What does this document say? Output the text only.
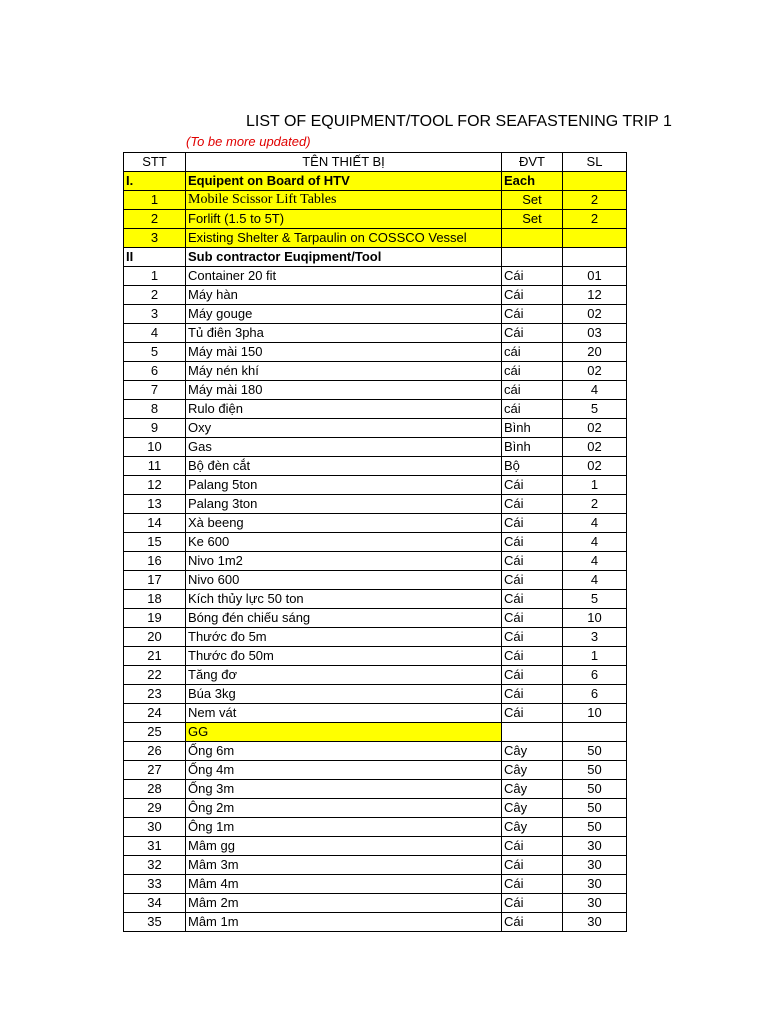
LIST OF EQUIPMENT/TOOL FOR SEAFASTENING TRIP 1
(To be more updated)
STT	TÊN THIẾT BỊ	ĐVT	SL
I.	Equipent on Board of HTV	Each	
1	Mobile Scissor Lift Tables	Set	2
2	Forlift (1.5 to 5T)	Set	2
3	Existing Shelter & Tarpaulin on COSSCO Vessel		
II	Sub contractor Euqipment/Tool		
1	Container 20 fit	Cái	01
2	Máy hàn	Cái	12
3	Máy gouge	Cái	02
4	Tủ điên 3pha	Cái	03
5	Máy mài 150	cái	20
6	Máy nén khí	cái	02
7	Máy mài 180	cái	4
8	Rulo điện	cái	5
9	Oxy	Bình	02
10	Gas	Bình	02
11	Bộ đèn cắt	Bộ	02
12	Palang 5ton	Cái	1
13	Palang 3ton	Cái	2
14	Xà beeng	Cái	4
15	Ke 600	Cái	4
16	Nivo 1m2	Cái	4
17	Nivo 600	Cái	4
18	Kích thủy lực 50 ton	Cái	5
19	Bóng đén chiếu sáng	Cái	10
20	Thước đo 5m	Cái	3
21	Thước đo 50m	Cái	1
22	Tăng đơ	Cái	6
23	Búa 3kg	Cái	6
24	Nem vát	Cái	10
25	GG		
26	Ống 6m	Cây	50
27	Ống 4m	Cây	50
28	Ống 3m	Cây	50
29	Ông 2m	Cây	50
30	Ông 1m	Cây	50
31	Mâm gg	Cái	30
32	Mâm 3m	Cái	30
33	Mâm 4m	Cái	30
34	Mâm 2m	Cái	30
35	Mâm 1m	Cái	30
